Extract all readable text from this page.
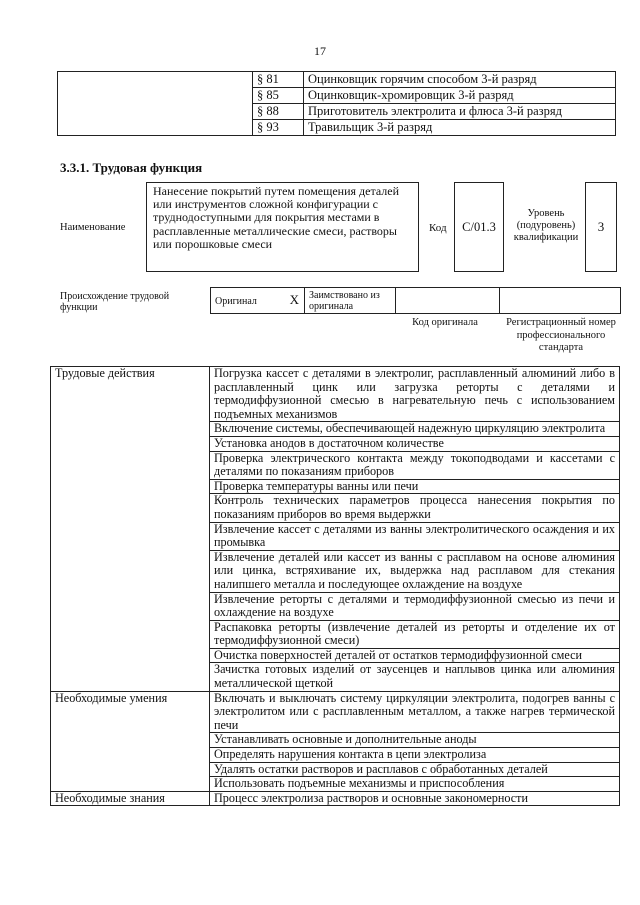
17
	§ 81	Оцинковщик горячим способом 3-й разряд
	§ 85	Оцинковщик-хромировщик 3-й разряд
	§ 88	Приготовитель электролита и флюса 3-й разряд
	§ 93	Травильщик 3-й разряд
3.3.1. Трудовая функция
Наименование
Нанесение покрытий путем помещения деталей или инструментов сложной конфигурации с труднодоступными для покрытия местами в расплавленные металлические смеси, растворы или порошковые смеси
Код	C/01.3
Уровень (подуровень) квалификации
3
Происхождение трудовой функции
Оригинал	X	Заимствовано из оригинала
Код оригинала	Регистрационный номер профессионального стандарта
Трудовые действия	Погрузка кассет с деталями в электролиг, расплавленный алюминий либо в расплавленный цинк или загрузка реторты с деталями и термодиффузионной смесью в нагревательную печь с использованием подъемных механизмов
	Включение системы, обеспечивающей надежную циркуляцию электролита
	Установка анодов в достаточном количестве
	Проверка электрического контакта между токоподводами и кассетами с деталями по показаниям приборов
	Проверка температуры ванны или печи
	Контроль технических параметров процесса нанесения покрытия по показаниям приборов во время выдержки
	Извлечение кассет с деталями из ванны электролитического осаждения и их промывка
	Извлечение деталей или кассет из ванны с расплавом на основе алюминия или цинка, встряхивание их, выдержка над расплавом для стекания налипшего металла и последующее охлаждение на воздухе
	Извлечение реторты с деталями и термодиффузионной смесью из печи и охлаждение на воздухе
	Распаковка реторты (извлечение деталей из реторты и отделение их от термодиффузионной смеси)
	Очистка поверхностей деталей от остатков термодиффузионной смеси
	Зачистка готовых изделий от заусенцев и наплывов цинка или алюминия металлической щеткой
Необходимые умения	Включать и выключать систему циркуляции электролита, подогрев ванны с электролитом или с расплавленным металлом, а также нагрев термической печи
	Устанавливать основные и дополнительные аноды
	Определять нарушения контакта в цепи электролиза
	Удалять остатки растворов и расплавов с обработанных деталей
	Использовать подъемные механизмы и приспособления
Необходимые знания	Процесс электролиза растворов и основные закономерности
